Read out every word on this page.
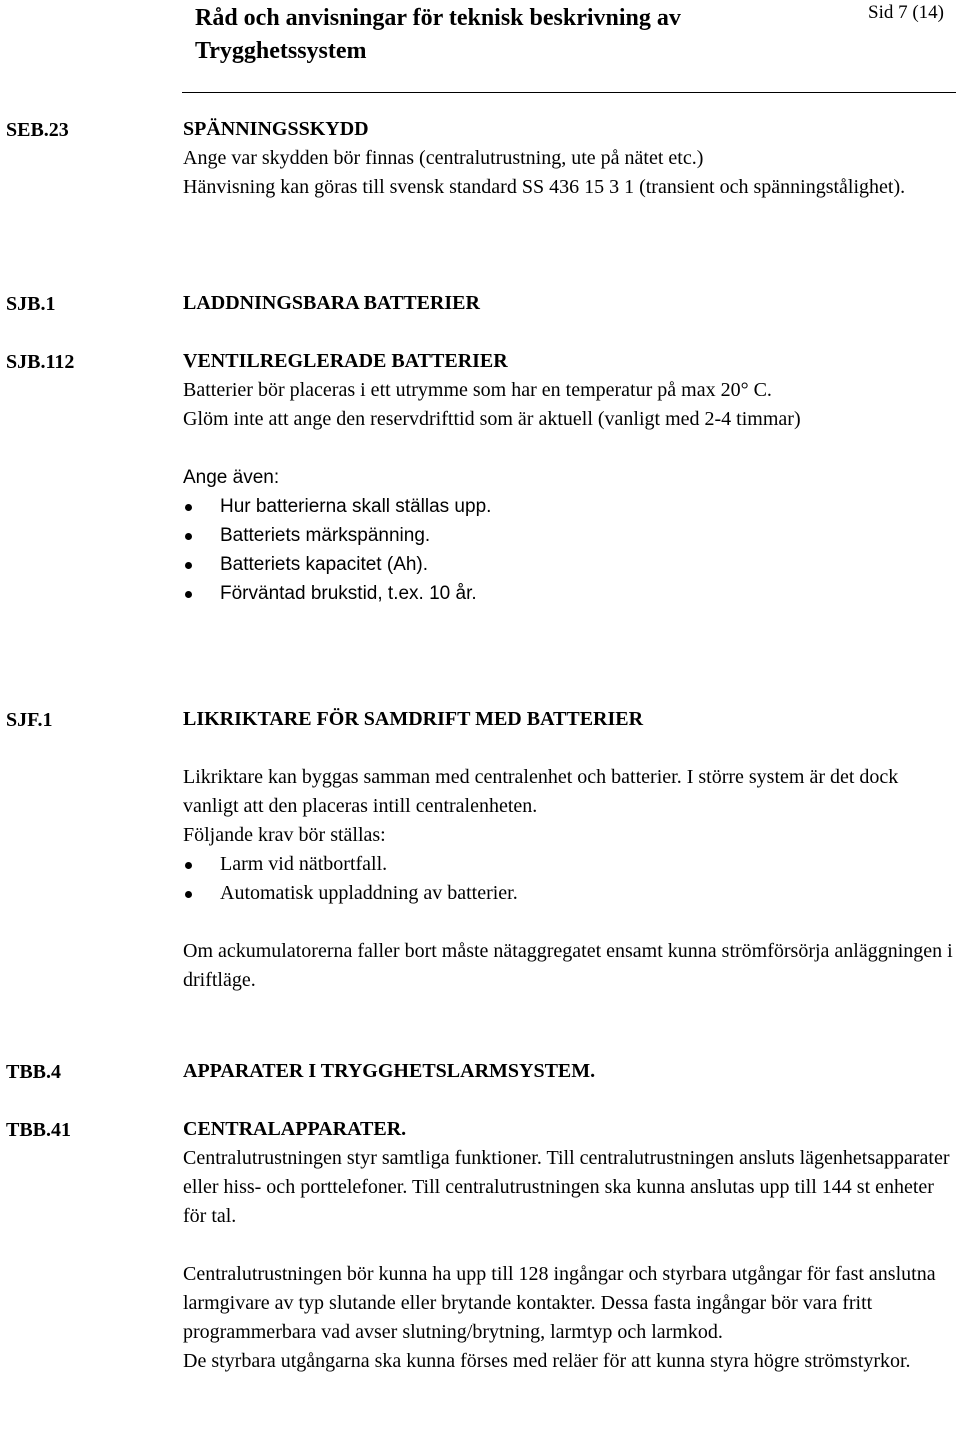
Råd och anvisningar för teknisk beskrivning av Trygghetssystem
Sid 7 (14)
SEB.23	SPÄNNINGSSKYDD

Ange var skydden bör finnas (centralutrustning, ute på nätet etc.)

Hänvisning kan göras till svensk standard SS 436 15 3 1 (transient och spänningstålighet).

SJB.1	LADDNINGSBARA BATTERIER

SJB.112	VENTILREGLERADE BATTERIER

Batterier bör placeras i ett utrymme som har en temperatur på max 20° C.

Glöm inte att ange den reservdrifttid som är aktuell (vanligt med 2-4 timmar)

Ange även:

Hur batterierna skall ställas upp.
Batteriets märkspänning.
Batteriets kapacitet (Ah).
Förväntad brukstid, t.ex. 10 år.
SJF.1	LIKRIKTARE FÖR SAMDRIFT MED BATTERIER

Likriktare kan byggas samman med centralenhet och batterier. I större system är det dock vanligt att den placeras intill centralenheten.

Följande krav bör ställas:

Larm vid nätbortfall.
Automatisk uppladdning av batterier.

Om ackumulatorerna faller bort måste nätaggregatet ensamt kunna strömförsörja anläggningen i driftläge.

TBB.4	APPARATER I TRYGGHETSLARMSYSTEM.

TBB.41	CENTRALAPPARATER.

Centralutrustningen styr samtliga funktioner. Till centralutrustningen ansluts lägenhetsapparater eller hiss- och porttelefoner. Till centralutrustningen ska kunna anslutas upp till 144 st enheter för tal.

Centralutrustningen bör kunna ha upp till 128 ingångar och styrbara utgångar för fast anslutna larmgivare av typ slutande eller brytande kontakter. Dessa fasta ingångar bör vara fritt programmerbara vad avser slutning/brytning, larmtyp och larmkod.

De styrbara utgångarna ska kunna förses med reläer för att kunna styra högre strömstyrkor.
